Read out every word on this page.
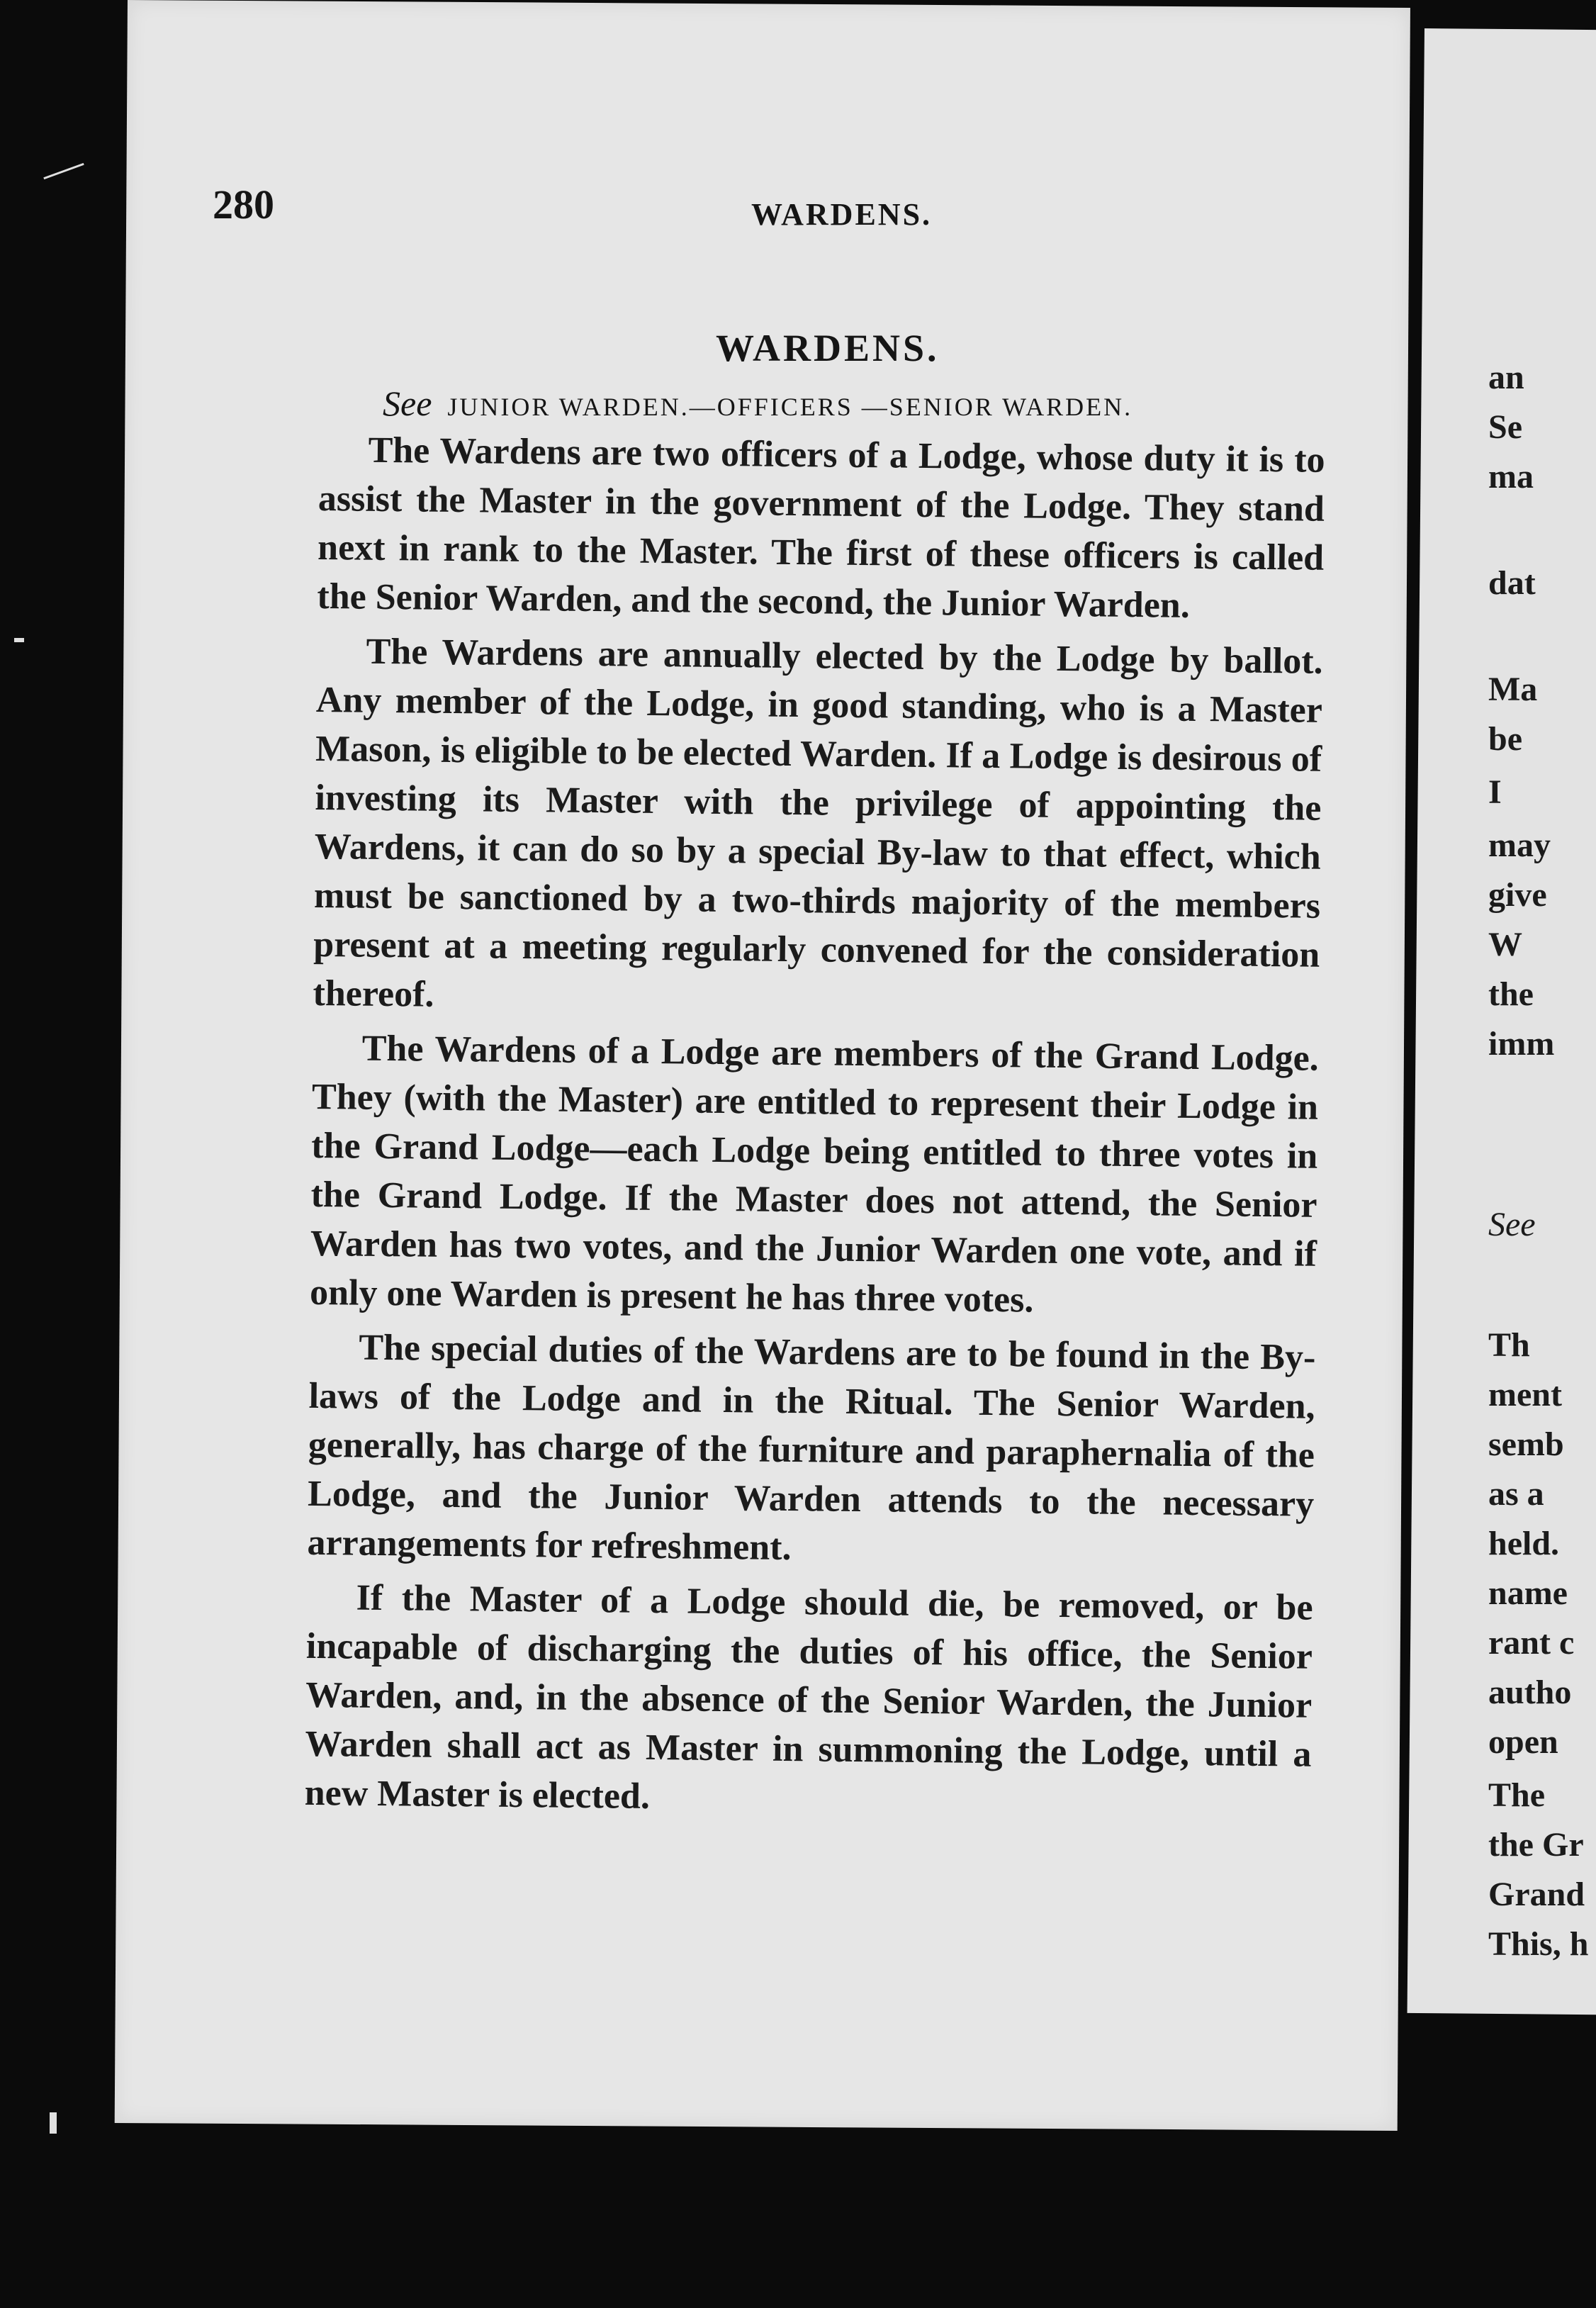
280	WARDENS.
WARDENS.
See JUNIOR WARDEN.—OFFICERS —SENIOR WARDEN.

The Wardens are two officers of a Lodge, whose duty it is to assist the Master in the government of the Lodge. They stand next in rank to the Master. The first of these officers is called the Senior Warden, and the second, the Junior Warden.

The Wardens are annually elected by the Lodge by ballot. Any member of the Lodge, in good standing, who is a Master Mason, is eligible to be elected Warden. If a Lodge is desirous of investing its Master with the privilege of appointing the Wardens, it can do so by a special By-law to that effect, which must be sanctioned by a two-thirds majority of the members present at a meeting regularly convened for the consideration thereof.

The Wardens of a Lodge are members of the Grand Lodge. They (with the Master) are entitled to represent their Lodge in the Grand Lodge—each Lodge being entitled to three votes in the Grand Lodge. If the Master does not attend, the Senior Warden has two votes, and the Junior Warden one vote, and if only one Warden is present he has three votes.

The special duties of the Wardens are to be found in the By-laws of the Lodge and in the Ritual. The Senior Warden, generally, has charge of the furniture and paraphernalia of the Lodge, and the Junior Warden attends to the necessary arrangements for refreshment.

If the Master of a Lodge should die, be removed, or be incapable of discharging the duties of his office, the Senior Warden, and, in the absence of the Senior Warden, the Junior Warden shall act as Master in summoning the Lodge, until a new Master is elected.

an
Se
ma
dat
Ma
be
I
may
give
W
the
imm
See
Th
ment
semb
as a
held.
name
rant c
autho
open
The
the Gr
Grand
This, h
